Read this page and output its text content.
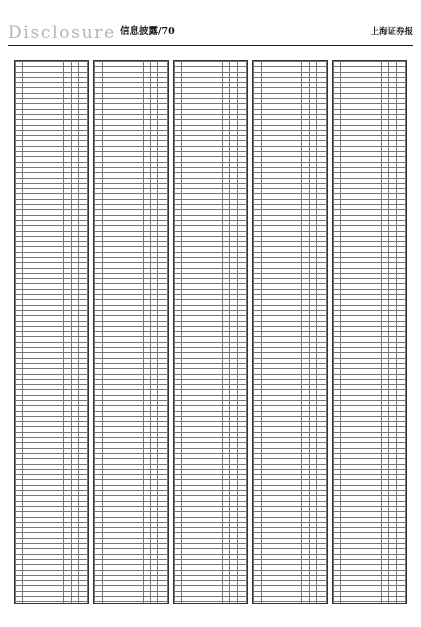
Disclosure 信息披露/70	上海证券报
